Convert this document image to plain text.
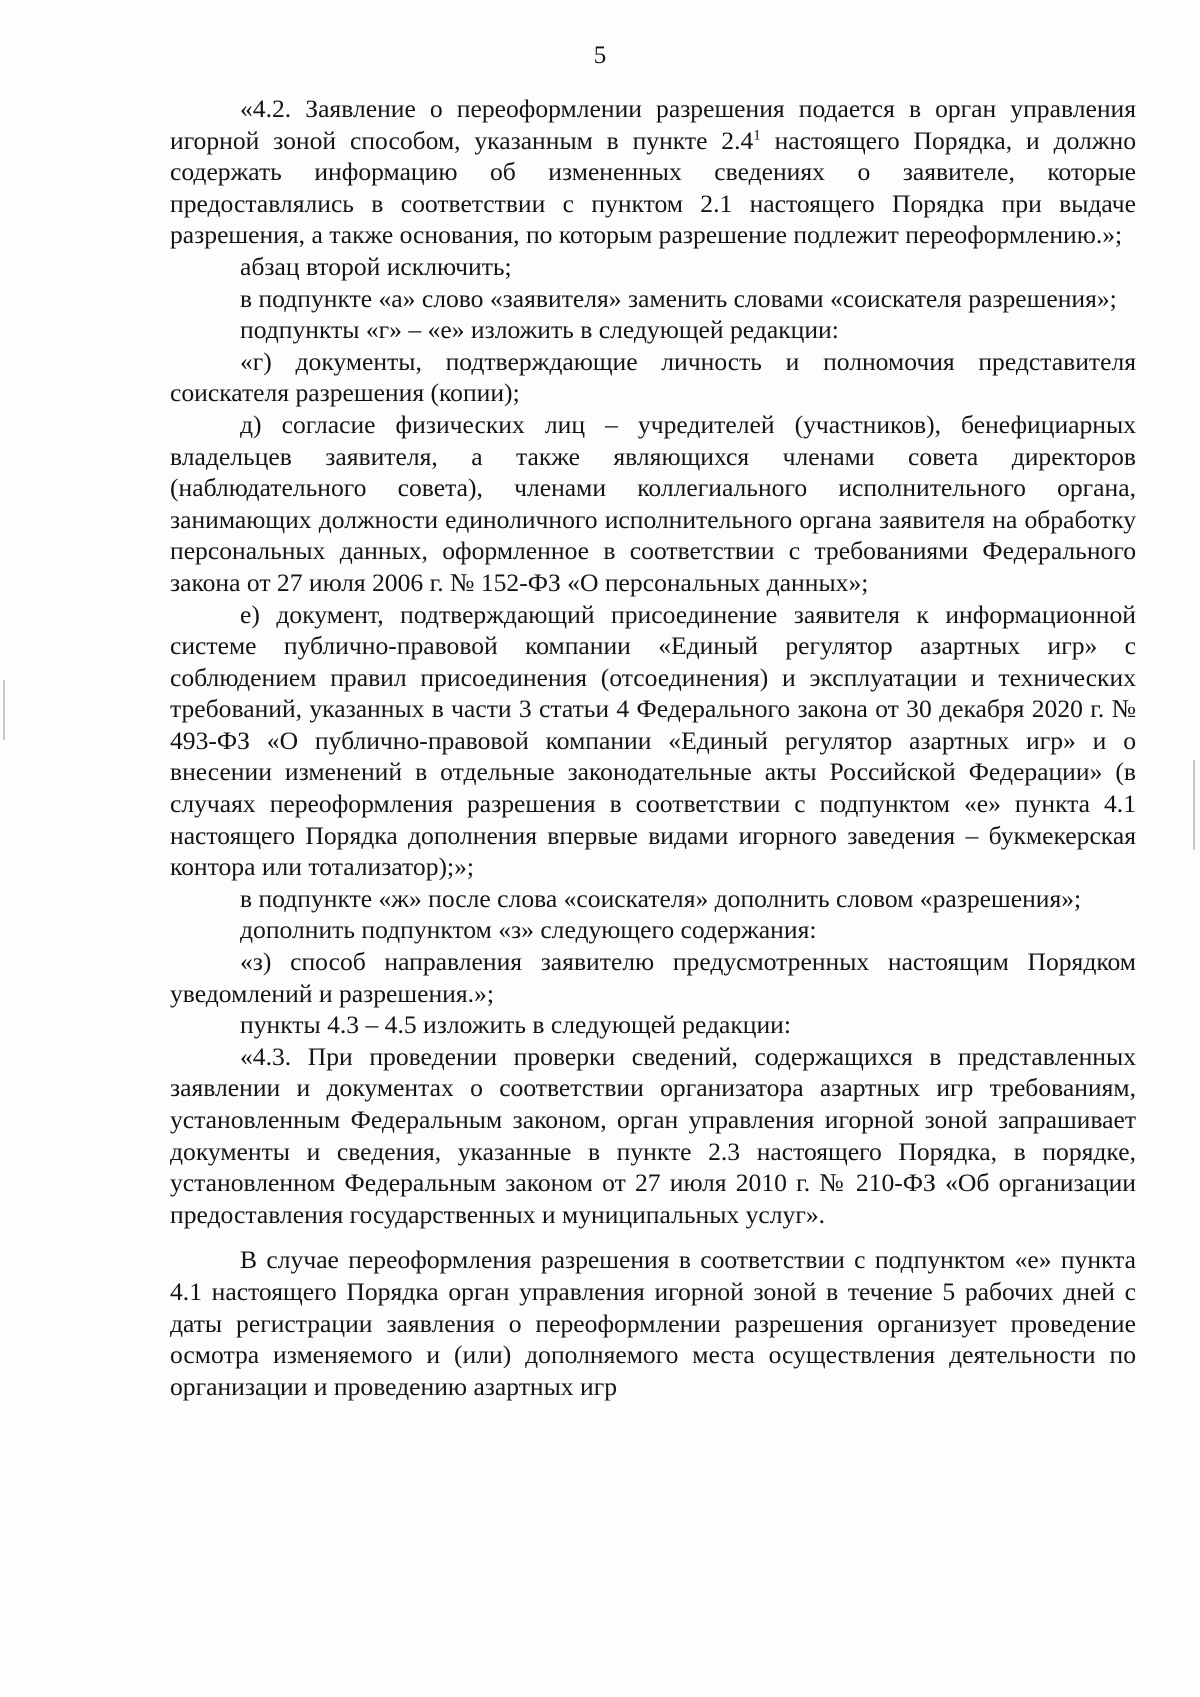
5

«4.2. Заявление о переоформлении разрешения подается в орган управления игорной зоной способом, указанным в пункте $2.4^1$ настоящего Порядка, и должно содержать информацию об измененных сведениях о заявителе, которые предоставлялись в соответствии с пунктом 2.1 настоящего Порядка при выдаче разрешения, а также основания, по которым разрешение подлежит переоформлению.»;

абзац второй исключить;

в подпункте «а» слово «заявителя» заменить словами «соискателя разрешения»;

подпункты «г» – «е» изложить в следующей редакции:

«г) документы, подтверждающие личность и полномочия представителя соискателя разрешения (копии);

д) согласие физических лиц – учредителей (участников), бенефициарных владельцев заявителя, а также являющихся членами совета директоров (наблюдательного совета), членами коллегиального исполнительного органа, занимающих должности единоличного исполнительного органа заявителя на обработку персональных данных, оформленное в соответствии с требованиями Федерального закона от 27 июля 2006 г. № 152-ФЗ «О персональных данных»;

е) документ, подтверждающий присоединение заявителя к информационной системе публично-правовой компании «Единый регулятор азартных игр» с соблюдением правил присоединения (отсоединения) и эксплуатации и технических требований, указанных в части 3 статьи 4 Федерального закона от 30 декабря 2020 г. № 493-ФЗ «О публично-правовой компании «Единый регулятор азартных игр» и о внесении изменений в отдельные законодательные акты Российской Федерации» (в случаях переоформления разрешения в соответствии с подпунктом «е» пункта 4.1 настоящего Порядка дополнения впервые видами игорного заведения – букмекерская контора или тотализатор);»;

в подпункте «ж» после слова «соискателя» дополнить словом «разрешения»;

дополнить подпунктом «з» следующего содержания:

«з) способ направления заявителю предусмотренных настоящим Порядком уведомлений и разрешения.»;

пункты 4.3 – 4.5 изложить в следующей редакции:

«4.3. При проведении проверки сведений, содержащихся в представленных заявлении и документах о соответствии организатора азартных игр требованиям, установленным Федеральным законом, орган управления игорной зоной запрашивает документы и сведения, указанные в пункте 2.3 настоящего Порядка, в порядке, установленном Федеральным законом от 27 июля 2010 г. № 210-ФЗ «Об организации предоставления государственных и муниципальных услуг».

В случае переоформления разрешения в соответствии с подпунктом «е» пункта 4.1 настоящего Порядка орган управления игорной зоной в течение 5 рабочих дней с даты регистрации заявления о переоформлении разрешения организует проведение осмотра изменяемого и (или) дополняемого места осуществления деятельности по организации и проведению азартных игр
